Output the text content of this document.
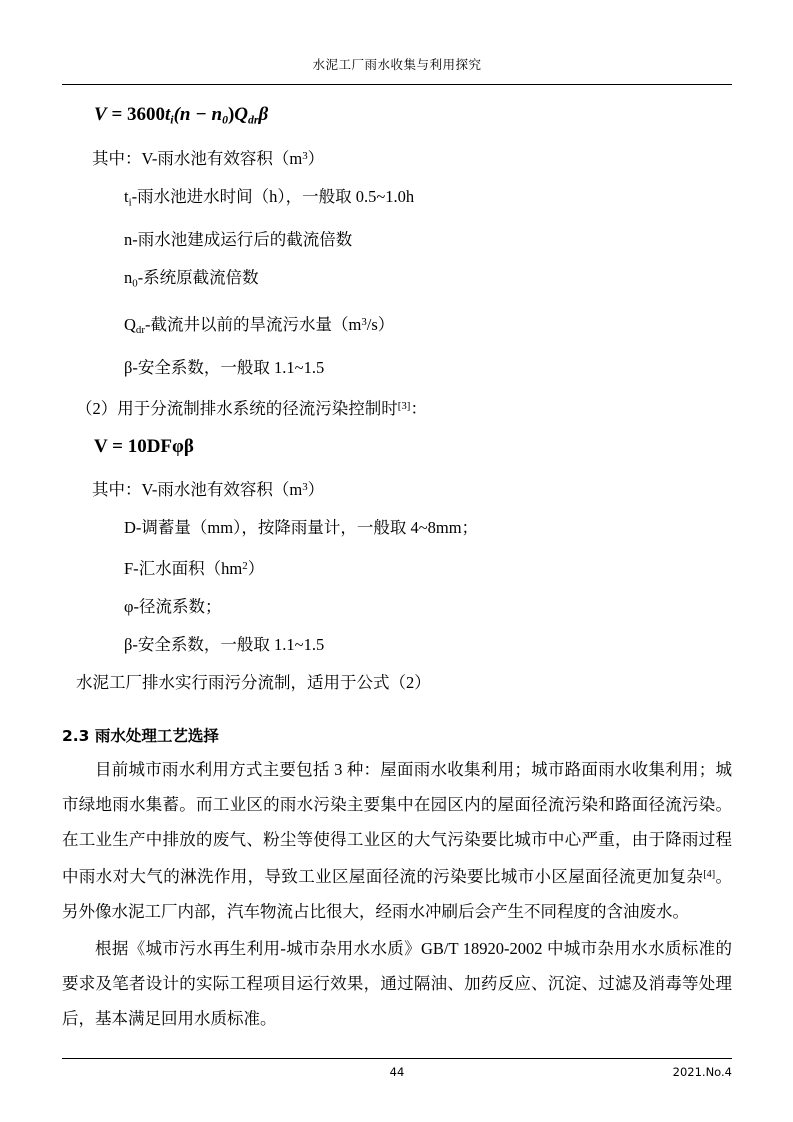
水泥工厂雨水收集与利用探究
$V = 3600t_i(n - n_0)Q_{dr}\beta$
其中：V-雨水池有效容积$(m^3)$
$t_i-$雨水池进水时间（h），一般取 0.5~1.0h
n-雨水池建成运行后的截流倍数
$n_0-$系统原截流倍数
$Q_{dr}-$截流井以前的旱流污水量$(m^3/s)$
β-安全系数，一般取 1.1~1.5
（2）用于分流制排水系统的径流污染控制时[3]：
V = 10DFφβ
其中：V-雨水池有效容积$(m^3)$
D-调蓄量（mm），按降雨量计，一般取 4~8mm；
F-汇水面积$(hm^2)$
φ-径流系数；
β-安全系数，一般取 1.1~1.5
水泥工厂排水实行雨污分流制，适用于公式（2）
2.3 雨水处理工艺选择

目前城市雨水利用方式主要包括 3 种：屋面雨水收集利用；城市路面雨水收集利用；城市绿地雨水集蓄。而工业区的雨水污染主要集中在园区内的屋面径流污染和路面径流污染。在工业生产中排放的废气、粉尘等使得工业区的大气污染要比城市中心严重，由于降雨过程中雨水对大气的淋洗作用，导致工业区屋面径流的污染要比城市小区屋面径流更加复杂[4]。另外像水泥工厂内部，汽车物流占比很大，经雨水冲刷后会产生不同程度的含油废水。

根据《城市污水再生利用-城市杂用水水质》GB/T 18920-2002 中城市杂用水水质标准的要求及笔者设计的实际工程项目运行效果，通过隔油、加药反应、沉淀、过滤及消毒等处理后，基本满足回用水质标准。

44	2021.No.4
